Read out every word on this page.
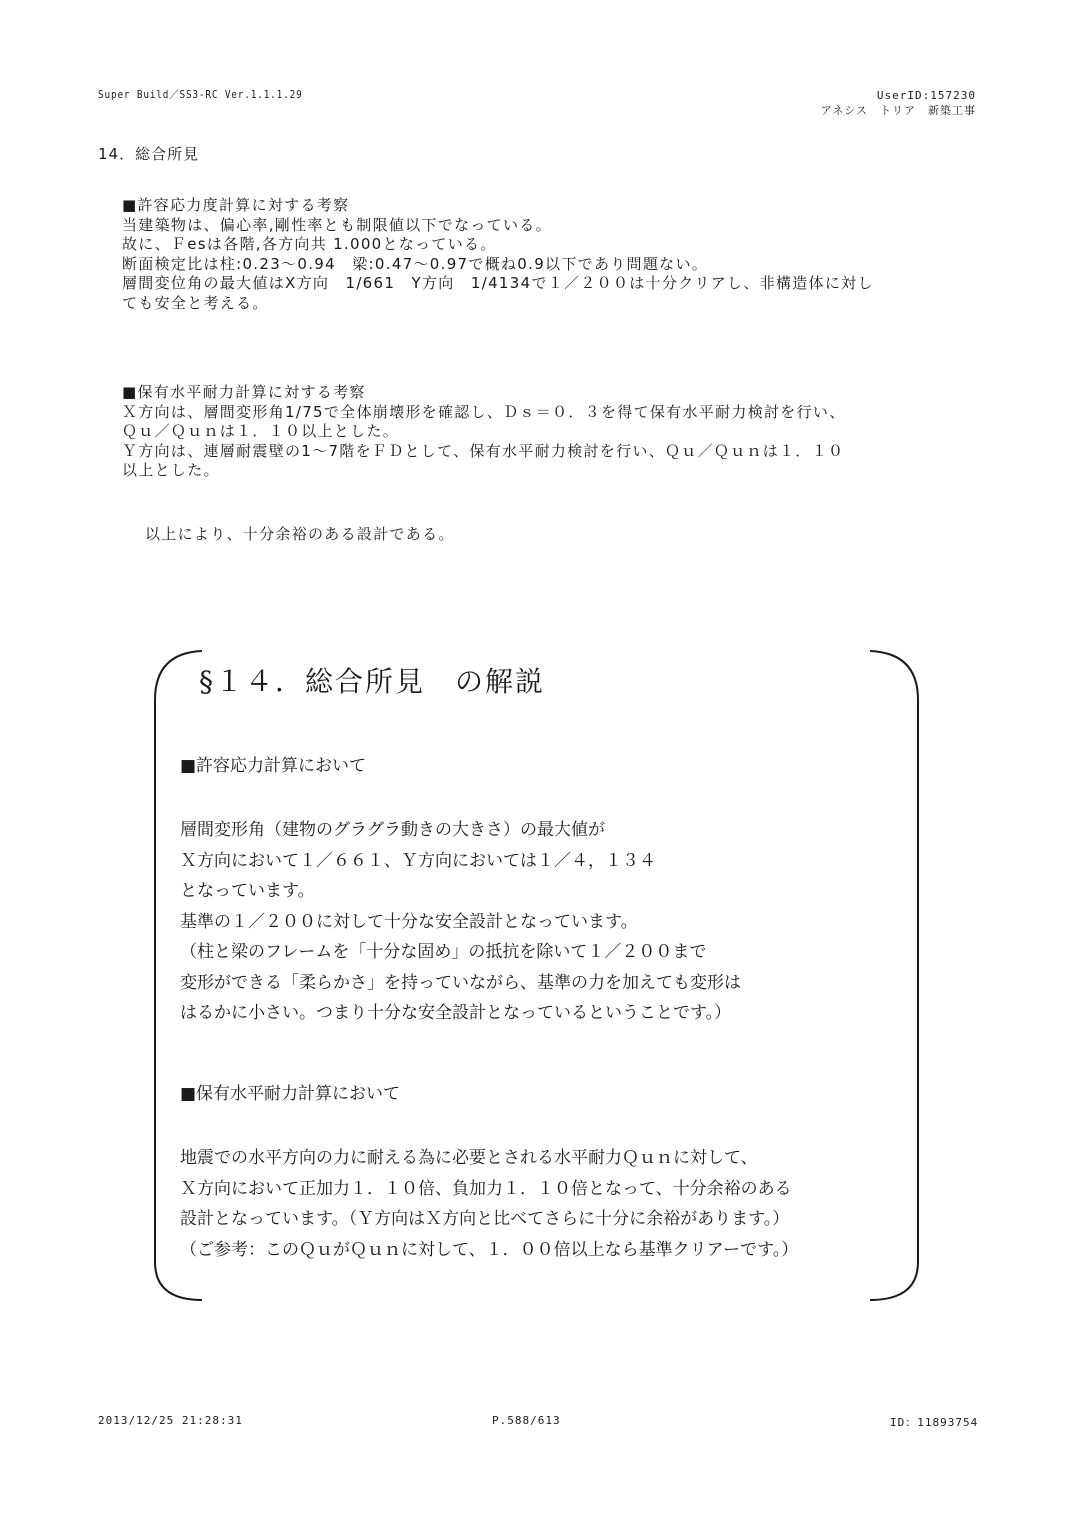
Super Build／SS3-RC Ver.1.1.1.29	UserID:157230
アネシス　トリア　新築工事
14．総合所見
■許容応力度計算に対する考察
当建築物は、偏心率,剛性率とも制限値以下でなっている。
故に、Ｆesは各階,各方向共 1.000となっている。
断面検定比は柱:0.23～0.94　梁:0.47～0.97で概ね0.9以下であり問題ない。
層間変位角の最大値はX方向　1/661　Y方向　1/4134で１／２００は十分クリアし、非構造体に対し
ても安全と考える。
■保有水平耐力計算に対する考察
Ｘ方向は、層間変形角1/75で全体崩壊形を確認し、Ｄｓ＝０．３を得て保有水平耐力検討を行い、
Ｑｕ／Ｑｕｎは１．１０以上とした。
Ｙ方向は、連層耐震壁の1～7階をＦＤとして、保有水平耐力検討を行い、Ｑｕ／Ｑｕｎは１．１０
以上とした。
以上により、十分余裕のある設計である。
§１４．総合所見　の解説
■許容応力計算において
層間変形角（建物のグラグラ動きの大きさ）の最大値が
Ｘ方向において１／６６１、Ｙ方向においては１／４，１３４
となっています。
基準の１／２００に対して十分な安全設計となっています。
（柱と梁のフレームを「十分な固め」の抵抗を除いて１／２００まで
変形ができる「柔らかさ」を持っていながら、基準の力を加えても変形は
はるかに小さい。つまり十分な安全設計となっているということです。）
■保有水平耐力計算において
地震での水平方向の力に耐える為に必要とされる水平耐力Ｑｕｎに対して、
Ｘ方向において正加力１．１０倍、負加力１．１０倍となって、十分余裕のある
設計となっています。（Ｙ方向はＸ方向と比べてさらに十分に余裕があります。）
（ご参考：このＱｕがＱｕｎに対して、１．００倍以上なら基準クリアーです。）
2013/12/25 21:28:31	P.588/613	ID：11893754
